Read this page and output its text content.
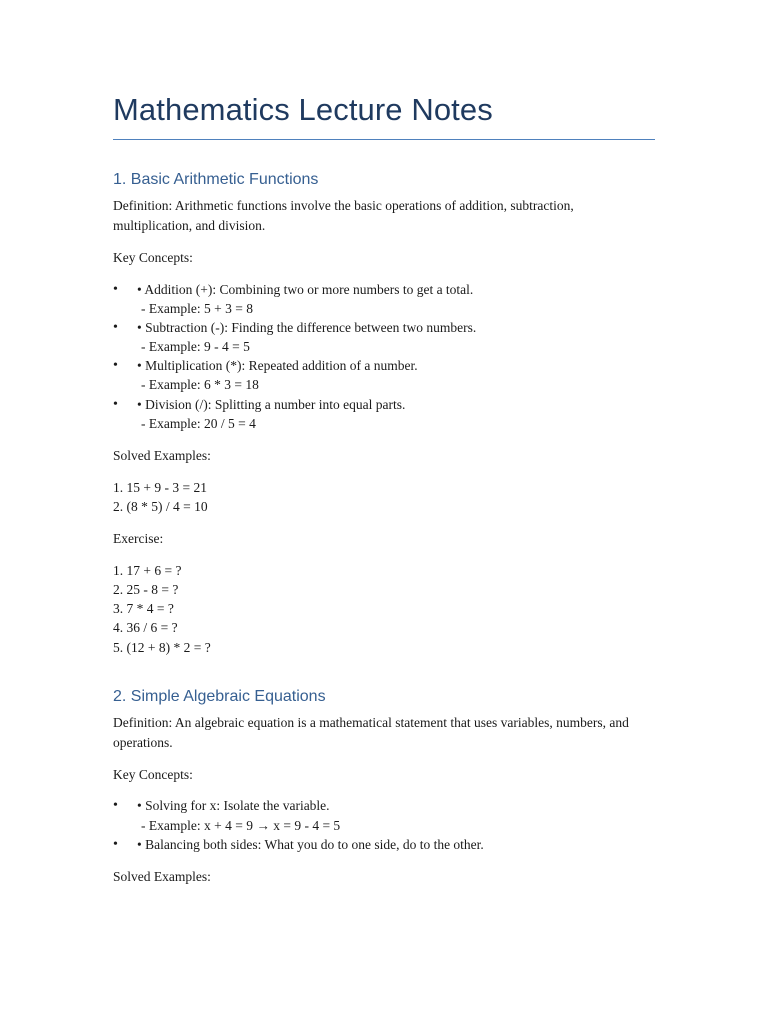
Mathematics Lecture Notes
1. Basic Arithmetic Functions
Definition: Arithmetic functions involve the basic operations of addition, subtraction, multiplication, and division.
Key Concepts:
• • Addition (+): Combining two or more numbers to get a total.
- Example: 5 + 3 = 8
• • Subtraction (-): Finding the difference between two numbers.
- Example: 9 - 4 = 5
• • Multiplication (*): Repeated addition of a number.
- Example: 6 * 3 = 18
• • Division (/): Splitting a number into equal parts.
- Example: 20 / 5 = 4
Solved Examples:
1. 15 + 9 - 3 = 21
2. (8 * 5) / 4 = 10
Exercise:
1. 17 + 6 = ?
2. 25 - 8 = ?
3. 7 * 4 = ?
4. 36 / 6 = ?
5. (12 + 8) * 2 = ?
2. Simple Algebraic Equations
Definition: An algebraic equation is a mathematical statement that uses variables, numbers, and operations.
Key Concepts:
• • Solving for x: Isolate the variable.
- Example: x + 4 = 9 → x = 9 - 4 = 5
• • Balancing both sides: What you do to one side, do to the other.
Solved Examples:
